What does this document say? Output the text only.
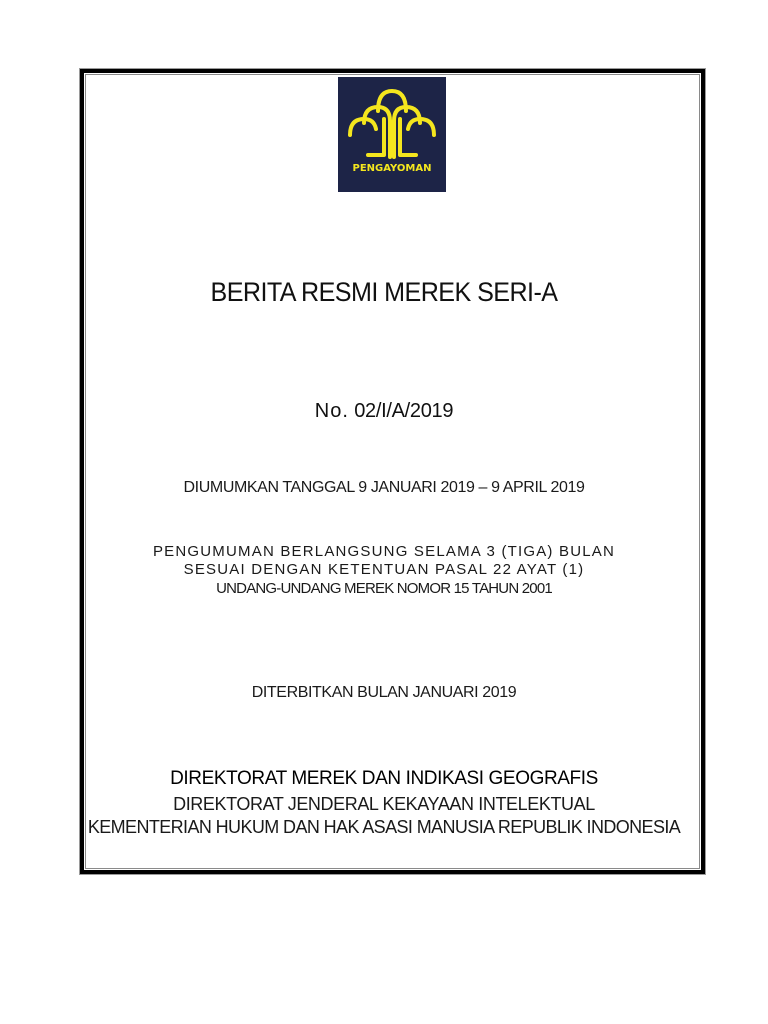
PENGAYOMAN
BERITA RESMI MEREK SERI-A
No. 02/I/A/2019
DIUMUMKAN TANGGAL 9 JANUARI 2019 – 9 APRIL 2019
PENGUMUMAN BERLANGSUNG SELAMA 3 (TIGA) BULAN
SESUAI DENGAN KETENTUAN PASAL 22 AYAT (1)
UNDANG-UNDANG MEREK NOMOR 15 TAHUN 2001
DITERBITKAN BULAN JANUARI 2019
DIREKTORAT MEREK DAN INDIKASI GEOGRAFIS
DIREKTORAT JENDERAL KEKAYAAN INTELEKTUAL
KEMENTERIAN HUKUM DAN HAK ASASI MANUSIA REPUBLIK INDONESIA
